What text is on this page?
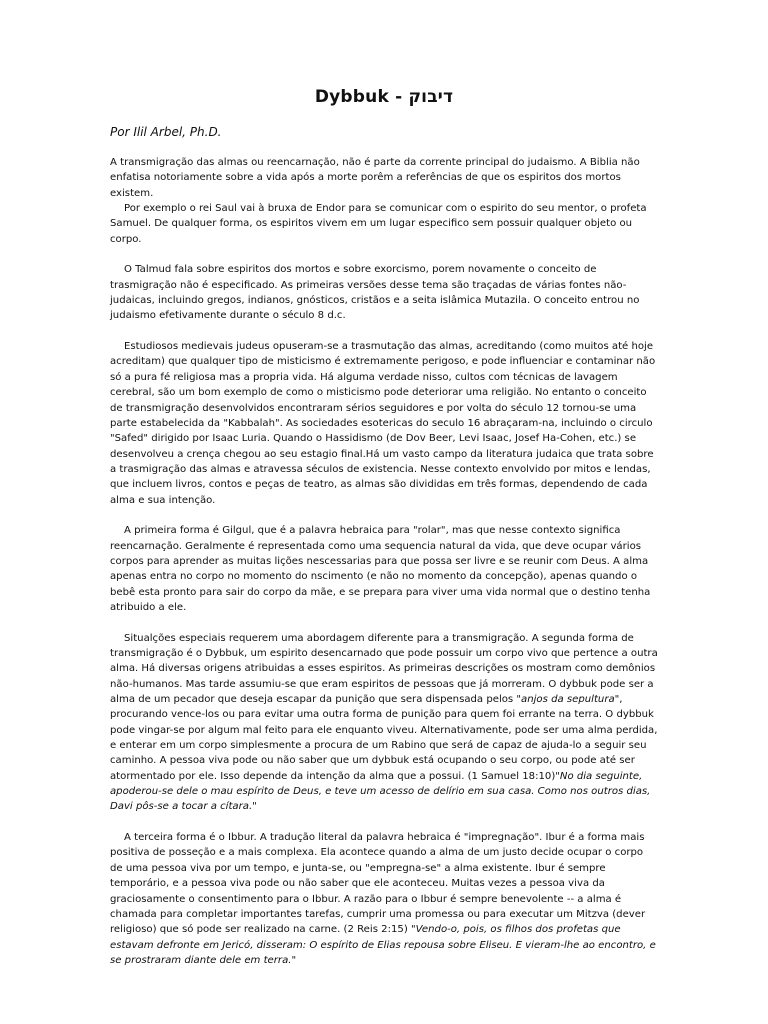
Dybbuk - דיבוק
Por Ilil Arbel, Ph.D.

A transmigração das almas ou reencarnação, não é parte da corrente principal do judaismo. A Biblia não enfatisa notoriamente sobre a vida após a morte porêm a referências de que os espiritos dos mortos existem.

Por exemplo o rei Saul vai à bruxa de Endor para se comunicar com o espirito do seu mentor, o profeta Samuel. De qualquer forma, os espiritos vivem em um lugar especifico sem possuir qualquer objeto ou corpo.

O Talmud fala sobre espiritos dos mortos e sobre exorcismo, porem novamente o conceito de trasmigração não é especificado. As primeiras versões desse tema são traçadas de várias fontes não-judaicas, incluindo gregos, indianos, gnósticos, cristãos e a seita islâmica Mutazila. O conceito entrou no judaismo efetivamente durante o século 8 d.c.

Estudiosos medievais judeus opuseram-se a trasmutação das almas, acreditando (como muitos até hoje acreditam) que qualquer tipo de misticismo é extremamente perigoso, e pode influenciar e contaminar não só a pura fé religiosa mas a propria vida. Há alguma verdade nisso, cultos com técnicas de lavagem cerebral, são um bom exemplo de como o misticismo pode deteriorar uma religião. No entanto o conceito de transmigração desenvolvidos encontraram sérios seguidores e por volta do século 12 tornou-se uma parte estabelecida da "Kabbalah". As sociedades esotericas do seculo 16 abraçaram-na, incluindo o circulo "Safed" dirigido por Isaac Luria. Quando o Hassidismo (de Dov Beer, Levi Isaac, Josef Ha-Cohen, etc.) se desenvolveu a crença chegou ao seu estagio final.Há um vasto campo da literatura judaica que trata sobre a trasmigração das almas e atravessa séculos de existencia. Nesse contexto envolvido por mitos e lendas, que incluem livros, contos e peças de teatro, as almas são divididas em três formas, dependendo de cada alma e sua intenção.

A primeira forma é Gilgul, que é a palavra hebraica para "rolar", mas que nesse contexto significa reencarnação. Geralmente é representada como uma sequencia natural da vida, que deve ocupar vários corpos para aprender as muitas lições nescessarias para que possa ser livre e se reunir com Deus. A alma apenas entra no corpo no momento do nscimento (e não no momento da concepção), apenas quando o bebê esta pronto para sair do corpo da mãe, e se prepara para viver uma vida normal que o destino tenha atribuido a ele.

Situalções especiais requerem uma abordagem diferente para a transmigração. A segunda forma de transmigração é o Dybbuk, um espirito desencarnado que pode possuir um corpo vivo que pertence a outra alma. Há diversas origens atribuidas a esses espiritos. As primeiras descrições os mostram como demônios não-humanos. Mas tarde assumiu-se que eram espiritos de pessoas que já morreram. O dybbuk pode ser a alma de um pecador que deseja escapar da punição que sera dispensada pelos "anjos da sepultura", procurando vence-los ou para evitar uma outra forma de punição para quem foi errante na terra. O dybbuk pode vingar-se por algum mal feito para ele enquanto viveu. Alternativamente, pode ser uma alma perdida, e enterar em um corpo simplesmente a procura de um Rabino que será de capaz de ajuda-lo a seguir seu caminho. A pessoa viva pode ou não saber que um dybbuk está ocupando o seu corpo, ou pode até ser atormentado por ele. Isso depende da intenção da alma que a possui. (1 Samuel 18:10)"No dia seguinte, apoderou-se dele o mau espírito de Deus, e teve um acesso de delírio em sua casa. Como nos outros dias, Davi pôs-se a tocar a cítara."

A terceira forma é o Ibbur. A tradução literal da palavra hebraica é "impregnação". Ibur é a forma mais positiva de posseção e a mais complexa. Ela acontece quando a alma de um justo decide ocupar o corpo de uma pessoa viva por um tempo, e junta-se, ou "empregna-se" a alma existente. Ibur é sempre temporário, e a pessoa viva pode ou não saber que ele aconteceu. Muitas vezes a pessoa viva da graciosamente o consentimento para o Ibbur. A razão para o Ibbur é sempre benevolente -- a alma é chamada para completar importantes tarefas, cumprir uma promessa ou para executar um Mitzva (dever religioso) que só pode ser realizado na carne. (2 Reis 2:15) "Vendo-o, pois, os filhos dos profetas que estavam defronte em Jericó, disseram: O espírito de Elias repousa sobre Eliseu. E vieram-lhe ao encontro, e se prostraram diante dele em terra."
